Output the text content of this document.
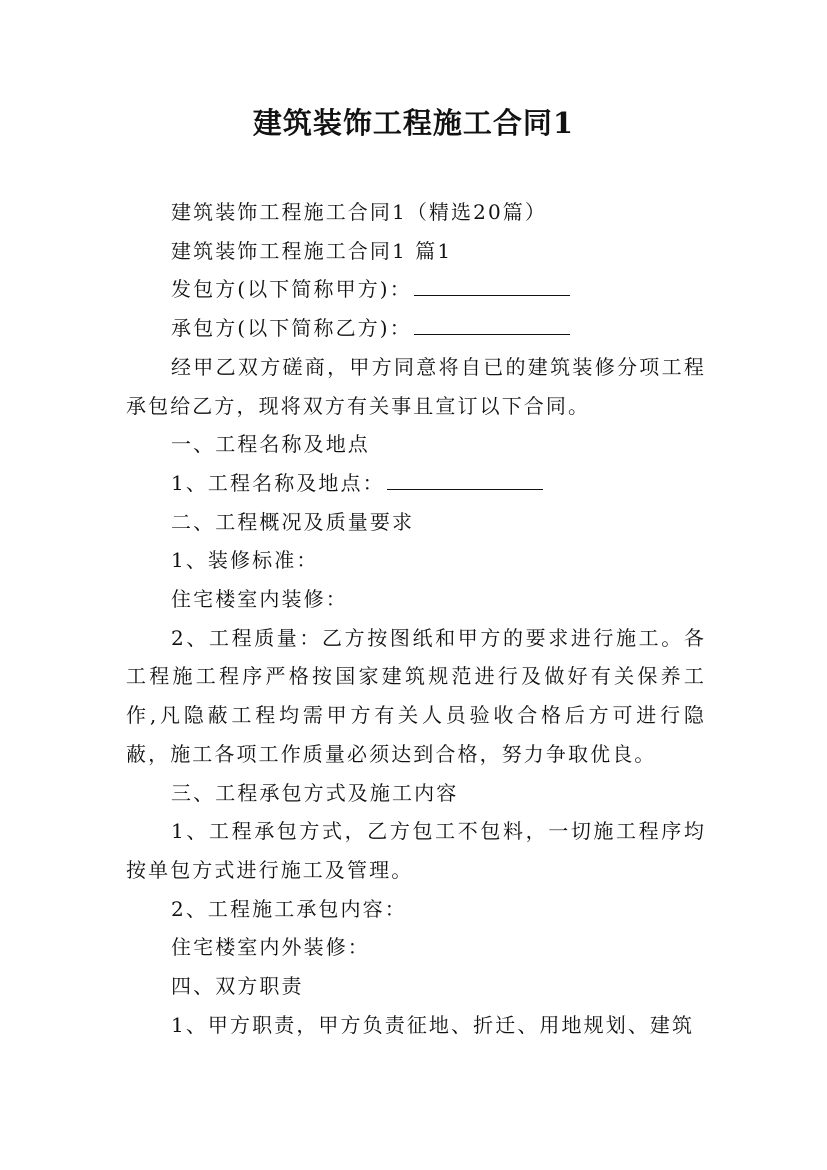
建筑装饰工程施工合同1

建筑装饰工程施工合同1（精选20篇）

建筑装饰工程施工合同1 篇1

发包方(以下简称甲方)：

承包方(以下简称乙方)：

经甲乙双方磋商，甲方同意将自已的建筑装修分项工程承包给乙方，现将双方有关事且宣订以下合同。

一、工程名称及地点

1、工程名称及地点：

二、工程概况及质量要求

1、装修标准：

住宅楼室内装修：

2、工程质量：乙方按图纸和甲方的要求进行施工。各工程施工程序严格按国家建筑规范进行及做好有关保养工作,凡隐蔽工程均需甲方有关人员验收合格后方可进行隐蔽，施工各项工作质量必须达到合格，努力争取优良。

三、工程承包方式及施工内容

1、工程承包方式，乙方包工不包料，一切施工程序均按单包方式进行施工及管理。

2、工程施工承包内容：

住宅楼室内外装修：

四、双方职责

1、甲方职责，甲方负责征地、折迁、用地规划、建筑
